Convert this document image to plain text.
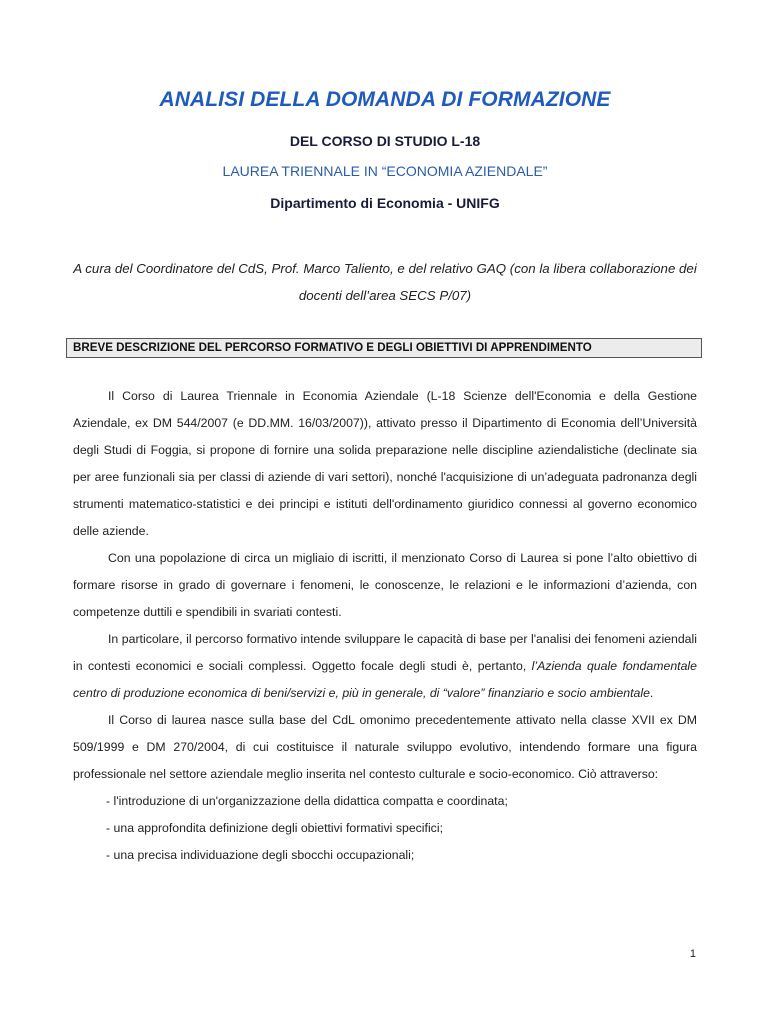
ANALISI DELLA DOMANDA DI FORMAZIONE
DEL CORSO DI STUDIO L-18
LAUREA TRIENNALE IN “ECONOMIA AZIENDALE”
Dipartimento di Economia - UNIFG
A cura del Coordinatore del CdS, Prof. Marco Taliento, e del relativo GAQ (con la libera collaborazione dei docenti dell’area SECS P/07)
BREVE DESCRIZIONE DEL PERCORSO FORMATIVO E DEGLI OBIETTIVI DI APPRENDIMENTO

Il Corso di Laurea Triennale in Economia Aziendale (L-18 Scienze dell'Economia e della Gestione Aziendale, ex DM 544/2007 (e DD.MM. 16/03/2007)), attivato presso il Dipartimento di Economia dell’Università degli Studi di Foggia, si propone di fornire una solida preparazione nelle discipline aziendalistiche (declinate sia per aree funzionali sia per classi di aziende di vari settori), nonché l'acquisizione di un’adeguata padronanza degli strumenti matematico-statistici e dei principi e istituti dell'ordinamento giuridico connessi al governo economico delle aziende.

Con una popolazione di circa un migliaio di iscritti, il menzionato Corso di Laurea si pone l’alto obiettivo di formare risorse in grado di governare i fenomeni, le conoscenze, le relazioni e le informazioni d’azienda, con competenze duttili e spendibili in svariati contesti.

In particolare, il percorso formativo intende sviluppare le capacità di base per l'analisi dei fenomeni aziendali in contesti economici e sociali complessi. Oggetto focale degli studi è, pertanto, l’Azienda quale fondamentale centro di produzione economica di beni/servizi e, più in generale, di “valore” finanziario e socio ambientale.

Il Corso di laurea nasce sulla base del CdL omonimo precedentemente attivato nella classe XVII ex DM 509/1999 e DM 270/2004, di cui costituisce il naturale sviluppo evolutivo, intendendo formare una figura professionale nel settore aziendale meglio inserita nel contesto culturale e socio-economico. Ciò attraverso:

- l'introduzione di un'organizzazione della didattica compatta e coordinata;

- una approfondita definizione degli obiettivi formativi specifici;

- una precisa individuazione degli sbocchi occupazionali;

1
